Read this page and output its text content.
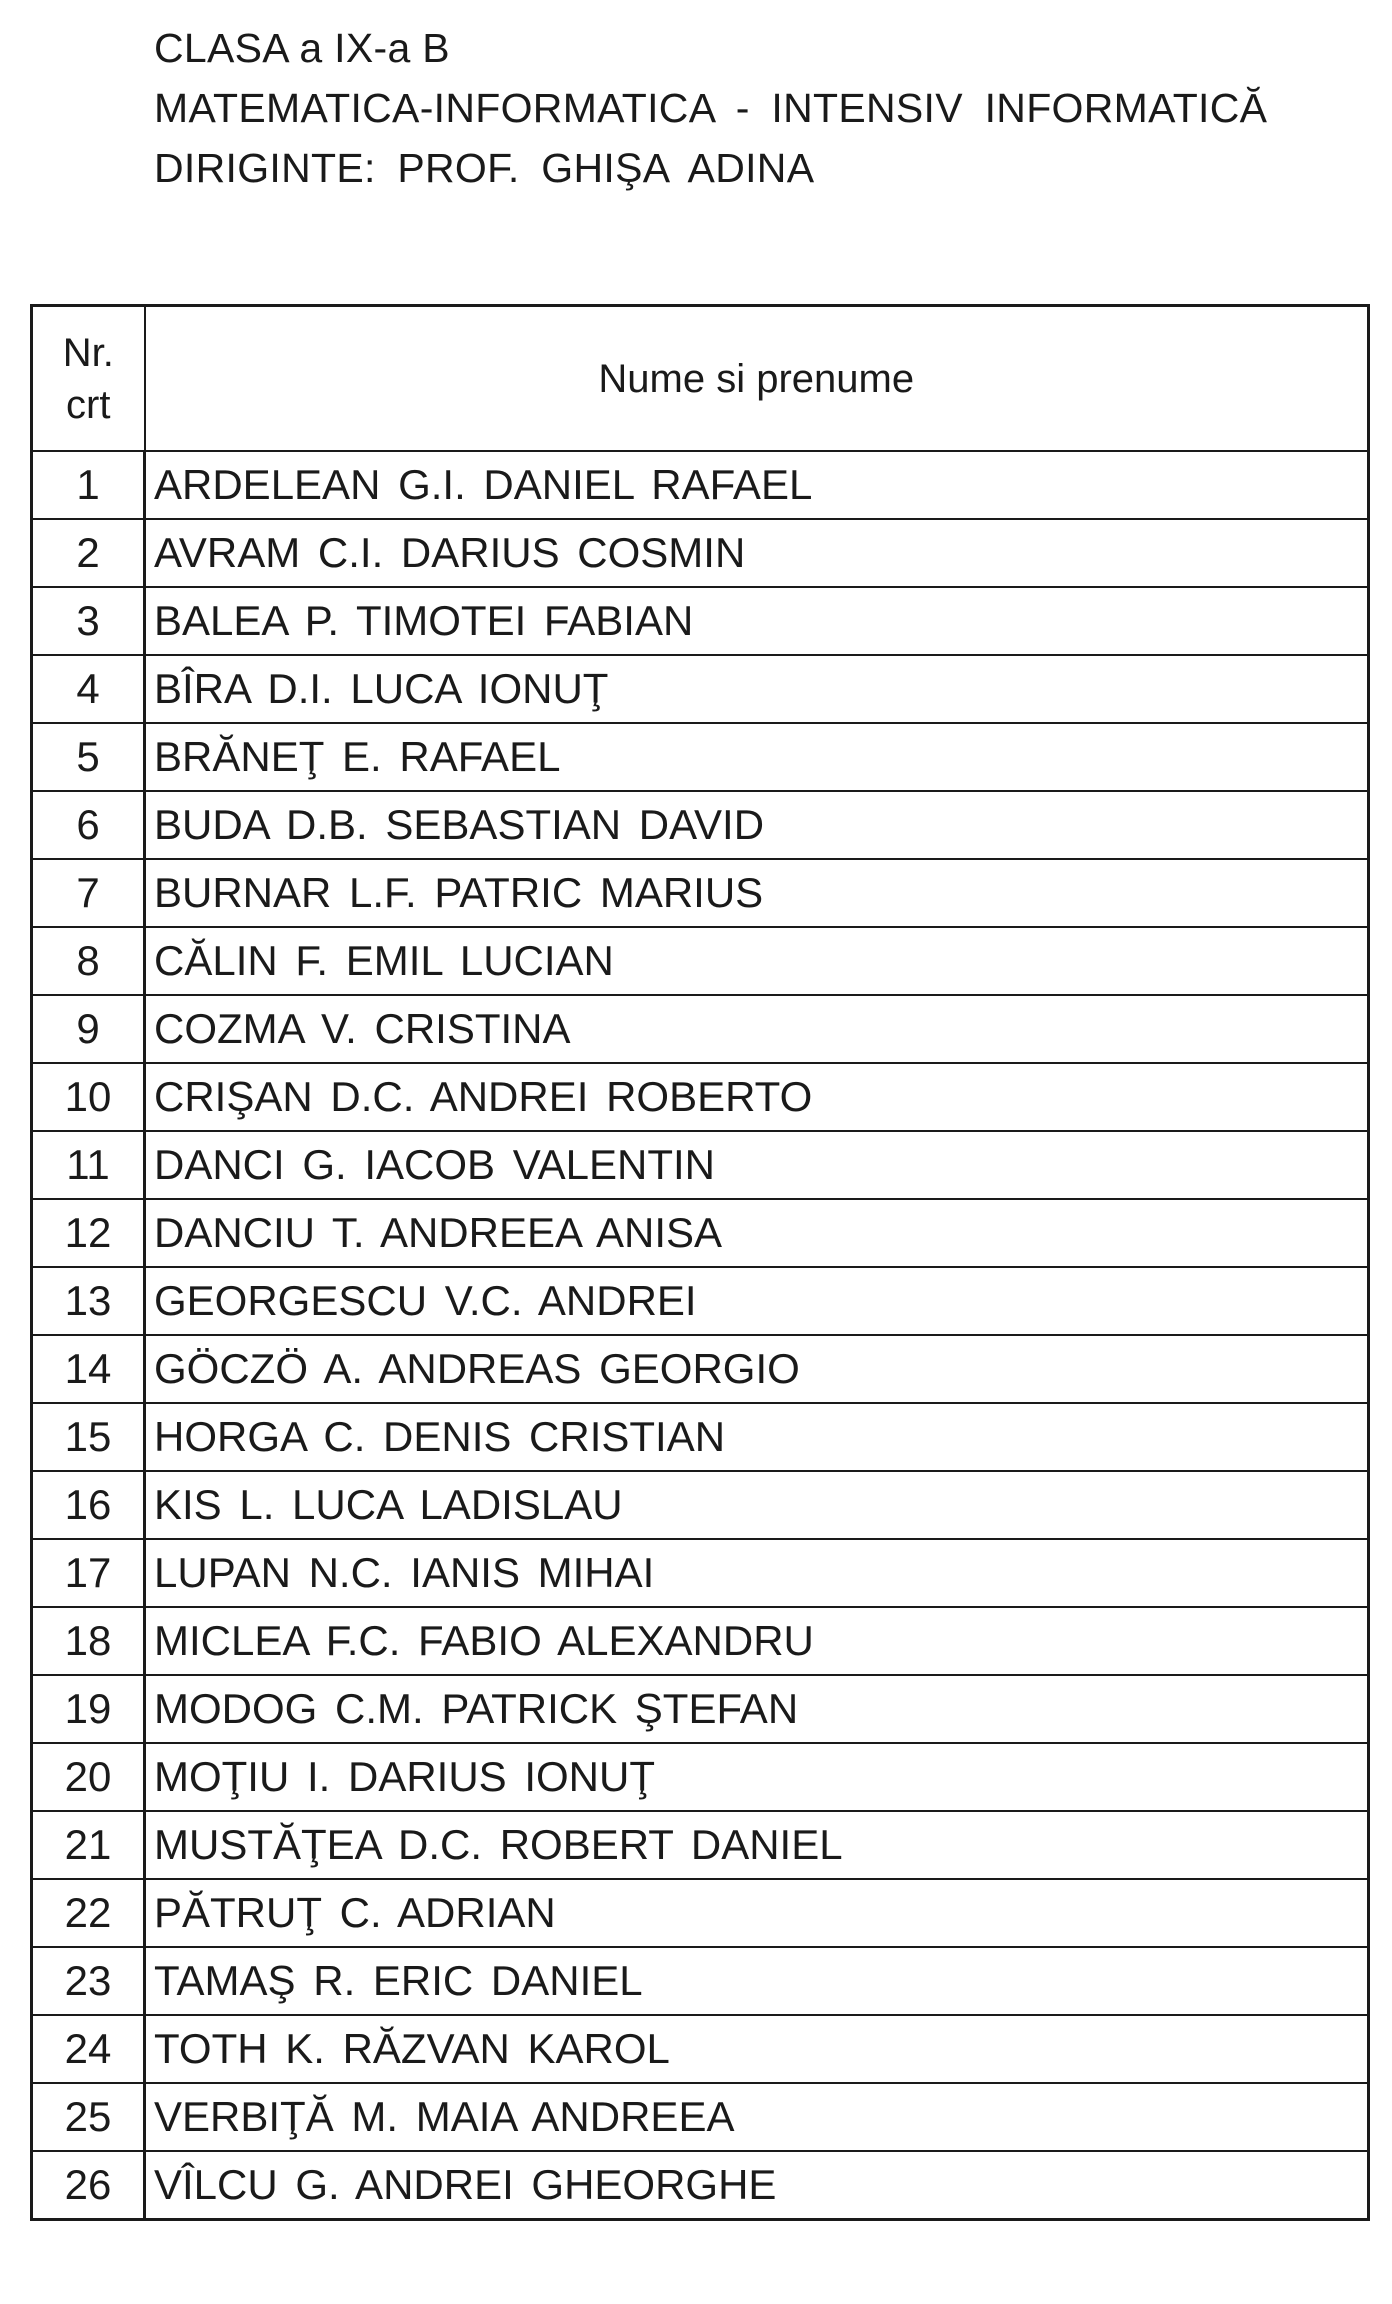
CLASA a IX-a B
MATEMATICA-INFORMATICA - INTENSIV INFORMATICĂ
DIRIGINTE: PROF. GHIŞA ADINA
Nr.
crt	Nume si prenume
1	ARDELEAN G.I. DANIEL RAFAEL
2	AVRAM C.I. DARIUS COSMIN
3	BALEA P. TIMOTEI FABIAN
4	BÎRA D.I. LUCA IONUŢ
5	BRĂNEŢ E. RAFAEL
6	BUDA D.B. SEBASTIAN DAVID
7	BURNAR L.F. PATRIC MARIUS
8	CĂLIN F. EMIL LUCIAN
9	COZMA V. CRISTINA
10	CRIŞAN D.C. ANDREI ROBERTO
11	DANCI G. IACOB VALENTIN
12	DANCIU T. ANDREEA ANISA
13	GEORGESCU V.C. ANDREI
14	GÖCZÖ A. ANDREAS GEORGIO
15	HORGA C. DENIS CRISTIAN
16	KIS L. LUCA LADISLAU
17	LUPAN N.C. IANIS MIHAI
18	MICLEA F.C. FABIO ALEXANDRU
19	MODOG C.M. PATRICK ŞTEFAN
20	MOŢIU I. DARIUS IONUŢ
21	MUSTĂŢEA D.C. ROBERT DANIEL
22	PĂTRUŢ C. ADRIAN
23	TAMAŞ R. ERIC DANIEL
24	TOTH K. RĂZVAN KAROL
25	VERBIŢĂ M. MAIA ANDREEA
26	VÎLCU G. ANDREI GHEORGHE
